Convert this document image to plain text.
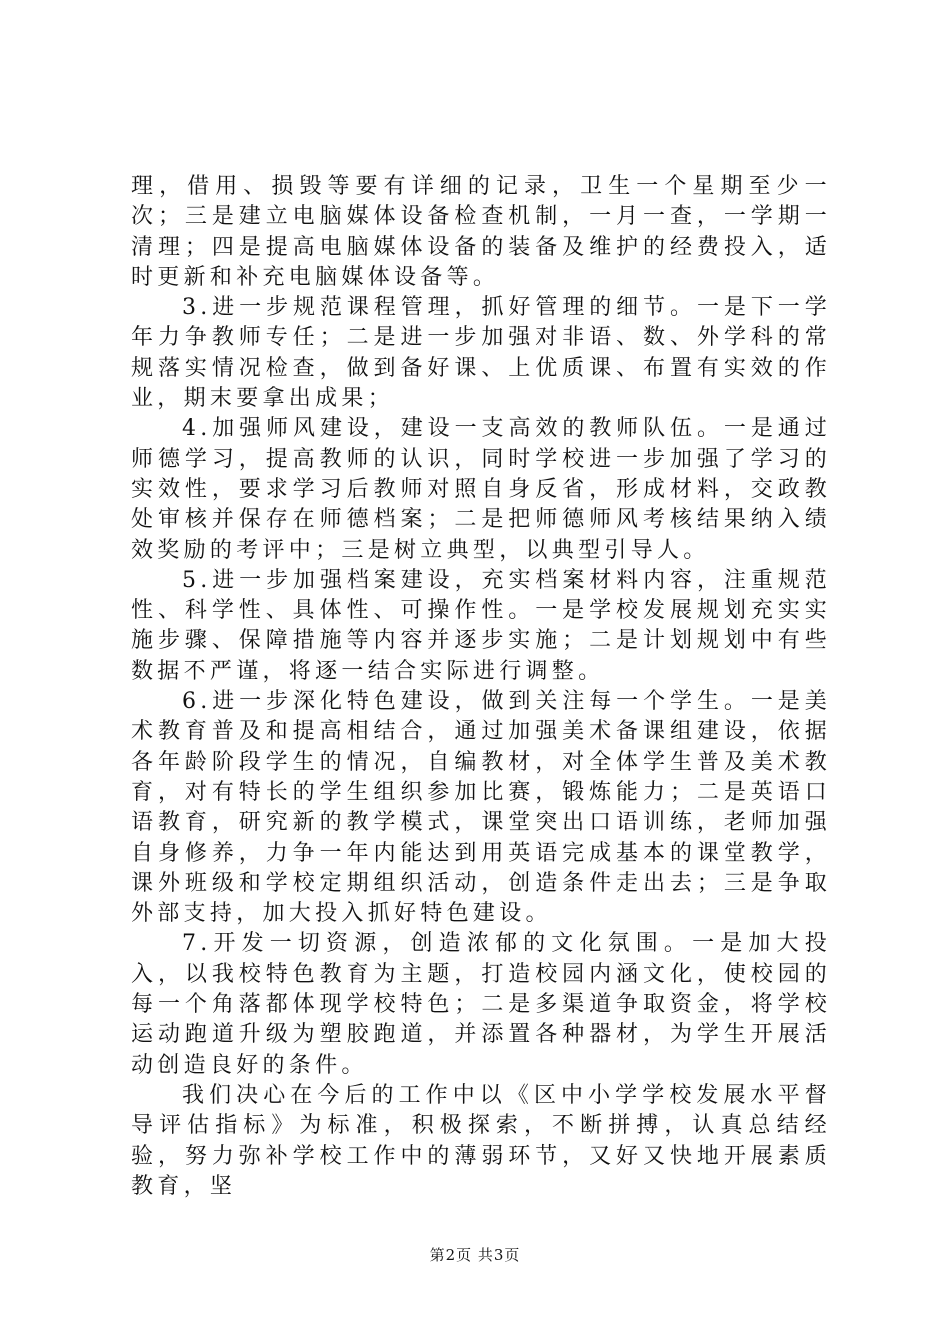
理，借用、损毁等要有详细的记录，卫生一个星期至少一次；三是建立电脑媒体设备检查机制，一月一查，一学期一清理；四是提高电脑媒体设备的装备及维护的经费投入，适时更新和补充电脑媒体设备等。

3.进一步规范课程管理，抓好管理的细节。一是下一学年力争教师专任；二是进一步加强对非语、数、外学科的常规落实情况检查，做到备好课、上优质课、布置有实效的作业，期末要拿出成果；

4.加强师风建设，建设一支高效的教师队伍。一是通过师德学习，提高教师的认识，同时学校进一步加强了学习的实效性，要求学习后教师对照自身反省，形成材料，交政教处审核并保存在师德档案；二是把师德师风考核结果纳入绩效奖励的考评中；三是树立典型，以典型引导人。

5.进一步加强档案建设，充实档案材料内容，注重规范性、科学性、具体性、可操作性。一是学校发展规划充实实施步骤、保障措施等内容并逐步实施；二是计划规划中有些数据不严谨，将逐一结合实际进行调整。

6.进一步深化特色建设，做到关注每一个学生。一是美术教育普及和提高相结合，通过加强美术备课组建设，依据各年龄阶段学生的情况，自编教材，对全体学生普及美术教育，对有特长的学生组织参加比赛，锻炼能力；二是英语口语教育，研究新的教学模式，课堂突出口语训练，老师加强自身修养，力争一年内能达到用英语完成基本的课堂教学，课外班级和学校定期组织活动，创造条件走出去；三是争取外部支持，加大投入抓好特色建设。

7.开发一切资源，创造浓郁的文化氛围。一是加大投入，以我校特色教育为主题，打造校园内涵文化，使校园的每一个角落都体现学校特色；二是多渠道争取资金，将学校运动跑道升级为塑胶跑道，并添置各种器材，为学生开展活动创造良好的条件。

我们决心在今后的工作中以《区中小学学校发展水平督导评估指标》为标准，积极探索，不断拼搏，认真总结经验，努力弥补学校工作中的薄弱环节，又好又快地开展素质教育，坚

第2页 共3页
